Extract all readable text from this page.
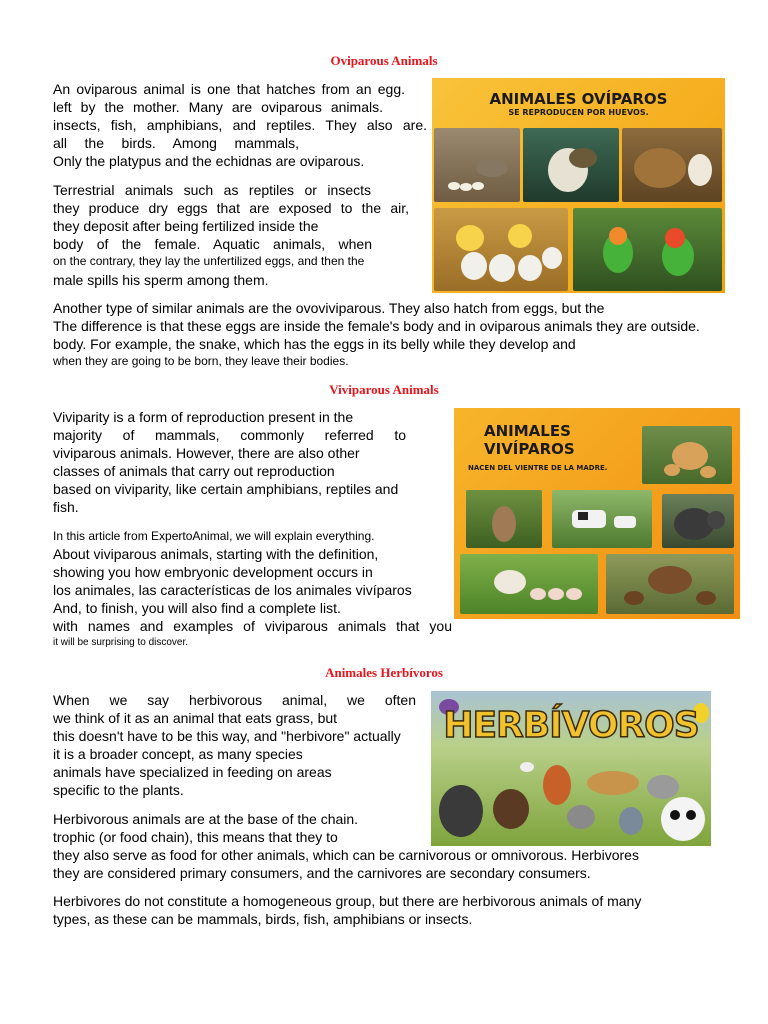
Oviparous Animals

An oviparous animal is one that hatches from an egg.

left by the mother. Many are oviparous animals.

insects, fish, amphibians, and reptiles. They also are.

all the birds. Among mammals,

Only the platypus and the echidnas are oviparous.

Terrestrial animals such as reptiles or insects

they produce dry eggs that are exposed to the air,

they deposit after being fertilized inside the

body of the female. Aquatic animals, when

on the contrary, they lay the unfertilized eggs, and then the

male spills his sperm among them.

Another type of similar animals are the ovoviviparous. They also hatch from eggs, but the

The difference is that these eggs are inside the female's body and in oviparous animals they are outside.

body. For example, the snake, which has the eggs in its belly while they develop and

when they are going to be born, they leave their bodies.

ANIMALES OVÍPAROS
SE REPRODUCEN POR HUEVOS.
Viviparous Animals

Viviparity is a form of reproduction present in the

majority of mammals, commonly referred to

viviparous animals. However, there are also other

classes of animals that carry out reproduction

based on viviparity, like certain amphibians, reptiles and

fish.

In this article from ExpertoAnimal, we will explain everything.

About viviparous animals, starting with the definition,

showing you how embryonic development occurs in

los animales, las características de los animales vivíparos

And, to finish, you will also find a complete list.

with names and examples of viviparous animals that you

it will be surprising to discover.

ANIMALES
VIVÍPAROS
NACEN DEL VIENTRE DE LA MADRE.
Animales Herbívoros

When we say herbivorous animal, we often

we think of it as an animal that eats grass, but

this doesn't have to be this way, and "herbivore" actually

it is a broader concept, as many species

animals have specialized in feeding on areas

specific to the plants.

Herbivorous animals are at the base of the chain.

trophic (or food chain), this means that they to

they also serve as food for other animals, which can be carnivorous or omnivorous. Herbivores

they are considered primary consumers, and the carnivores are secondary consumers.

Herbivores do not constitute a homogeneous group, but there are herbivorous animals of many

types, as these can be mammals, birds, fish, amphibians or insects.

HERBÍVOROS
